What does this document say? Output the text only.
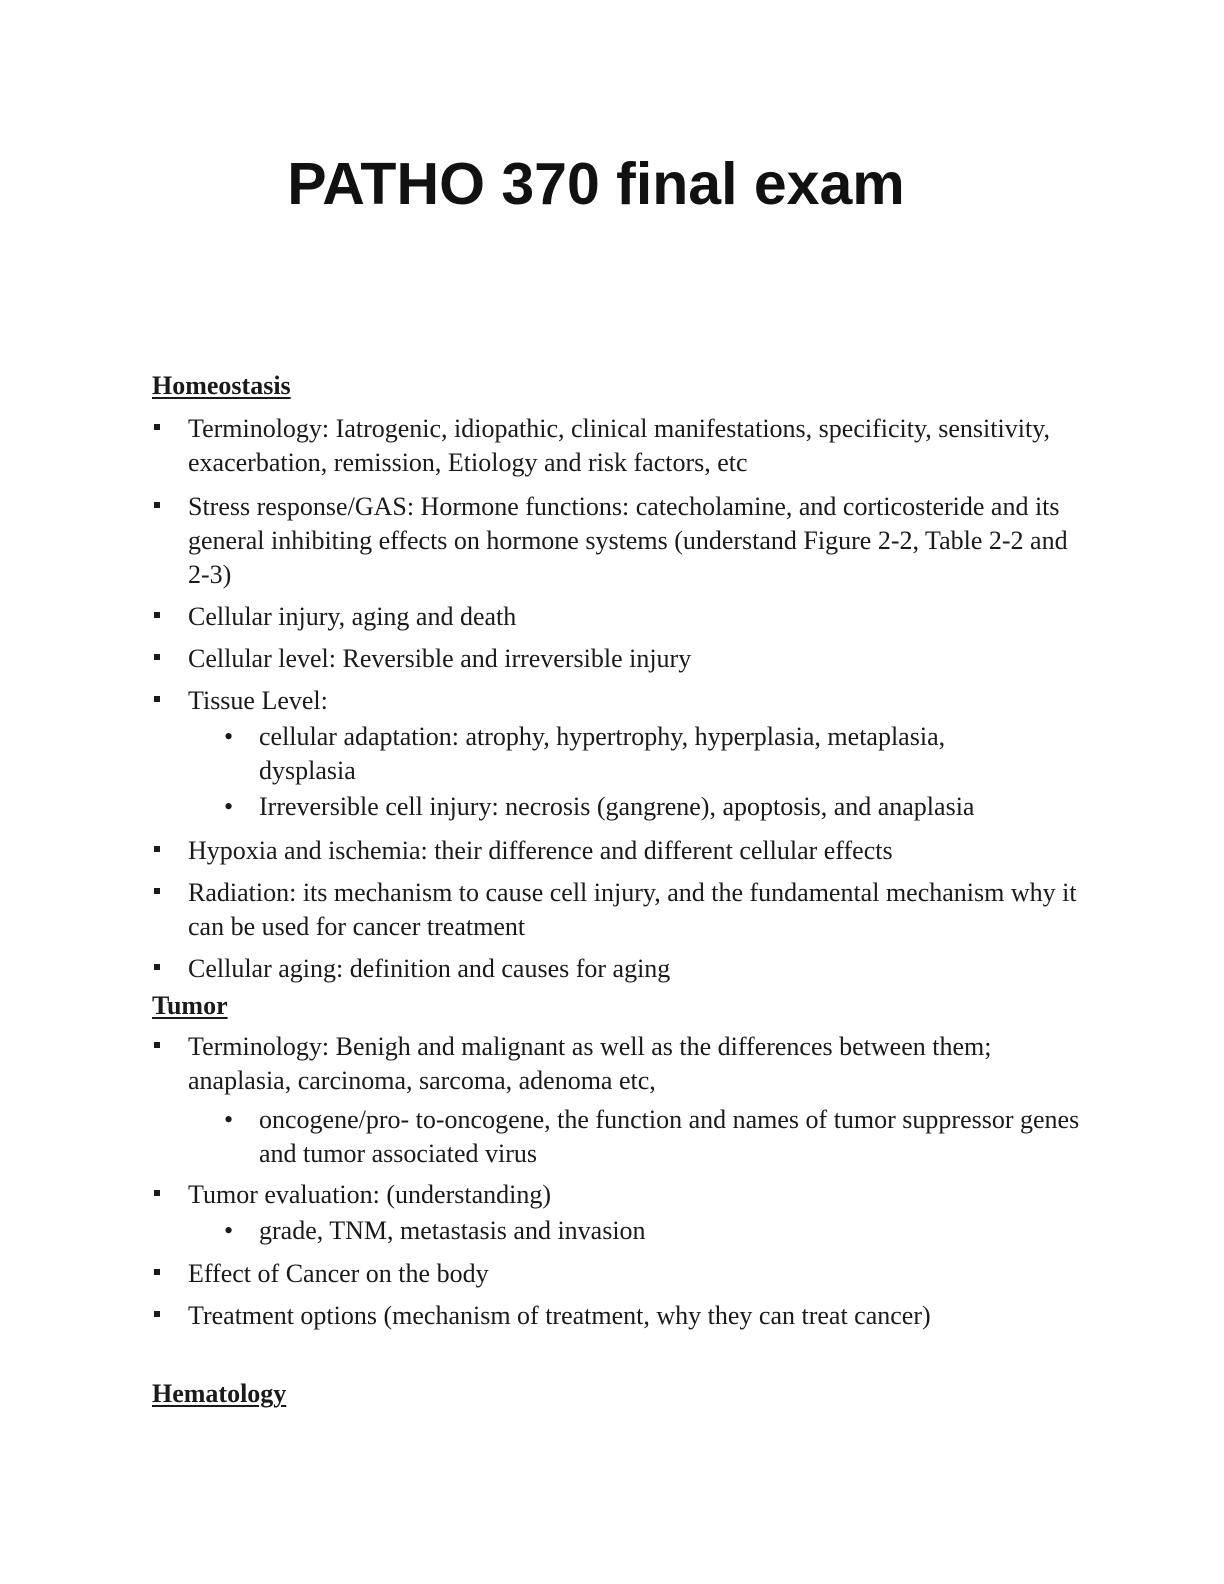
PATHO 370 final exam
Homeostasis
Terminology: Iatrogenic, idiopathic, clinical manifestations, specificity, sensitivity, exacerbation, remission, Etiology and risk factors, etc
Stress response/GAS: Hormone functions: catecholamine, and corticosteride and its general inhibiting effects on hormone systems (understand Figure 2-2, Table 2-2 and 2-3)
Cellular injury, aging and death
Cellular level: Reversible and irreversible injury
Tissue Level:
• cellular adaptation: atrophy, hypertrophy, hyperplasia, metaplasia, dysplasia
• Irreversible cell injury: necrosis (gangrene), apoptosis, and anaplasia
Hypoxia and ischemia: their difference and different cellular effects
Radiation: its mechanism to cause cell injury, and the fundamental mechanism why it can be used for cancer treatment
Cellular aging: definition and causes for aging
Tumor
Terminology: Benigh and malignant as well as the differences between them; anaplasia, carcinoma, sarcoma, adenoma etc,
• oncogene/pro- to-oncogene, the function and names of tumor suppressor genes and tumor associated virus
Tumor evaluation: (understanding)
• grade, TNM, metastasis and invasion
Effect of Cancer on the body
Treatment options (mechanism of treatment, why they can treat cancer)
Hematology
